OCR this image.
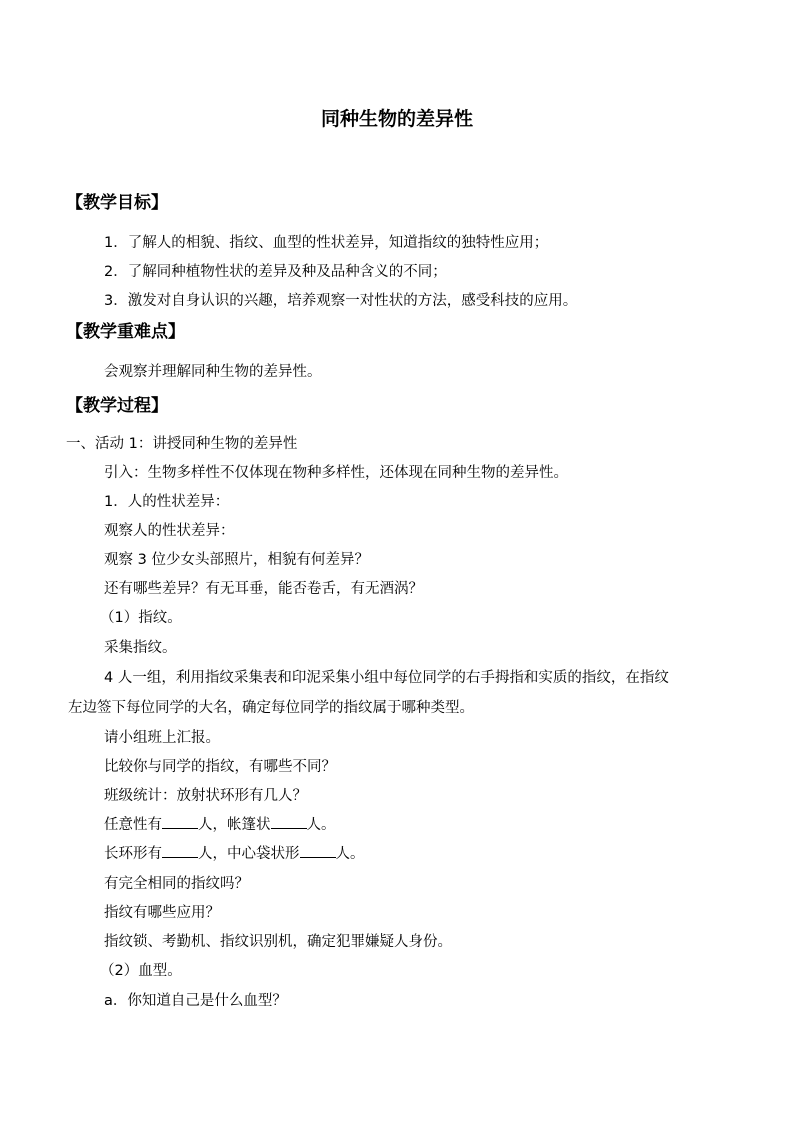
同种生物的差异性
【教学目标】
1．了解人的相貌、指纹、血型的性状差异，知道指纹的独特性应用；
2．了解同种植物性状的差异及种及品种含义的不同；
3．激发对自身认识的兴趣，培养观察一对性状的方法，感受科技的应用。
【教学重难点】
会观察并理解同种生物的差异性。
【教学过程】
一、活动 1：讲授同种生物的差异性
引入：生物多样性不仅体现在物种多样性，还体现在同种生物的差异性。
1．人的性状差异：
观察人的性状差异：
观察 3 位少女头部照片，相貌有何差异？
还有哪些差异？有无耳垂，能否卷舌，有无酒涡？
（1）指纹。
采集指纹。
4 人一组，利用指纹采集表和印泥采集小组中每位同学的右手拇指和实质的指纹，在指纹
左边签下每位同学的大名，确定每位同学的指纹属于哪种类型。
请小组班上汇报。
比较你与同学的指纹，有哪些不同？
班级统计：放射状环形有几人？
任意性有 人，帐篷状 人。
长环形有 人，中心袋状形 人。
有完全相同的指纹吗？
指纹有哪些应用？
指纹锁、考勤机、指纹识别机，确定犯罪嫌疑人身份。
（2）血型。
a．你知道自己是什么血型？
